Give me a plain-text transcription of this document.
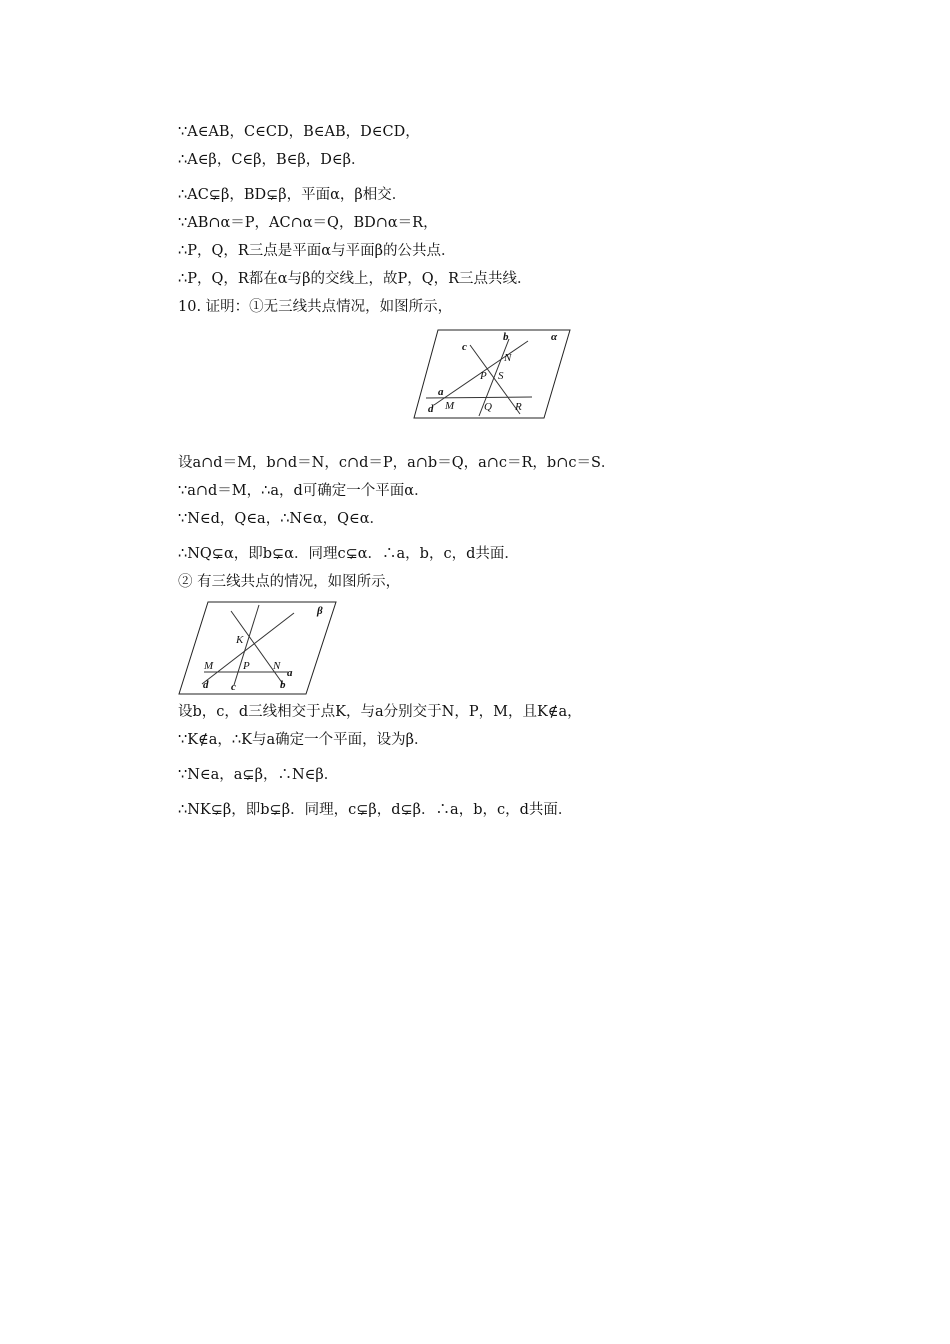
∵A∈AB，C∈CD，B∈AB，D∈CD，
∴A∈β，C∈β，B∈β，D∈β．
∴AC⊊β，BD⊊β，平面α，β相交．
∵AB∩α＝P，AC∩α＝Q，BD∩α＝R，
∴P，Q，R三点是平面α与平面β的公共点．
∴P，Q，R都在α与β的交线上，故P，Q，R三点共线．
10. 证明：①无三线共点情况，如图所示，
b
c
α
N
P S
a
d M	Q R
设a∩d＝M，b∩d＝N，c∩d＝P，a∩b＝Q，a∩c＝R，b∩c＝S．
∵a∩d＝M，∴a，d可确定一个平面α．
∵N∈d，Q∈a，∴N∈α，Q∈α．
∴NQ⊊α，即b⊊α．同理c⊊α．∴a，b，c，d共面．
② 有三线共点的情况，如图所示，
β
K
M	P N
a
d c	b
设b，c，d三线相交于点K，与a分别交于N，P，M，且K∉a，
∵K∉a，∴K与a确定一个平面，设为β．
∵N∈a，a⊊β，∴N∈β．
∴NK⊊β，即b⊊β．同理，c⊊β，d⊊β．∴a，b，c，d共面．
